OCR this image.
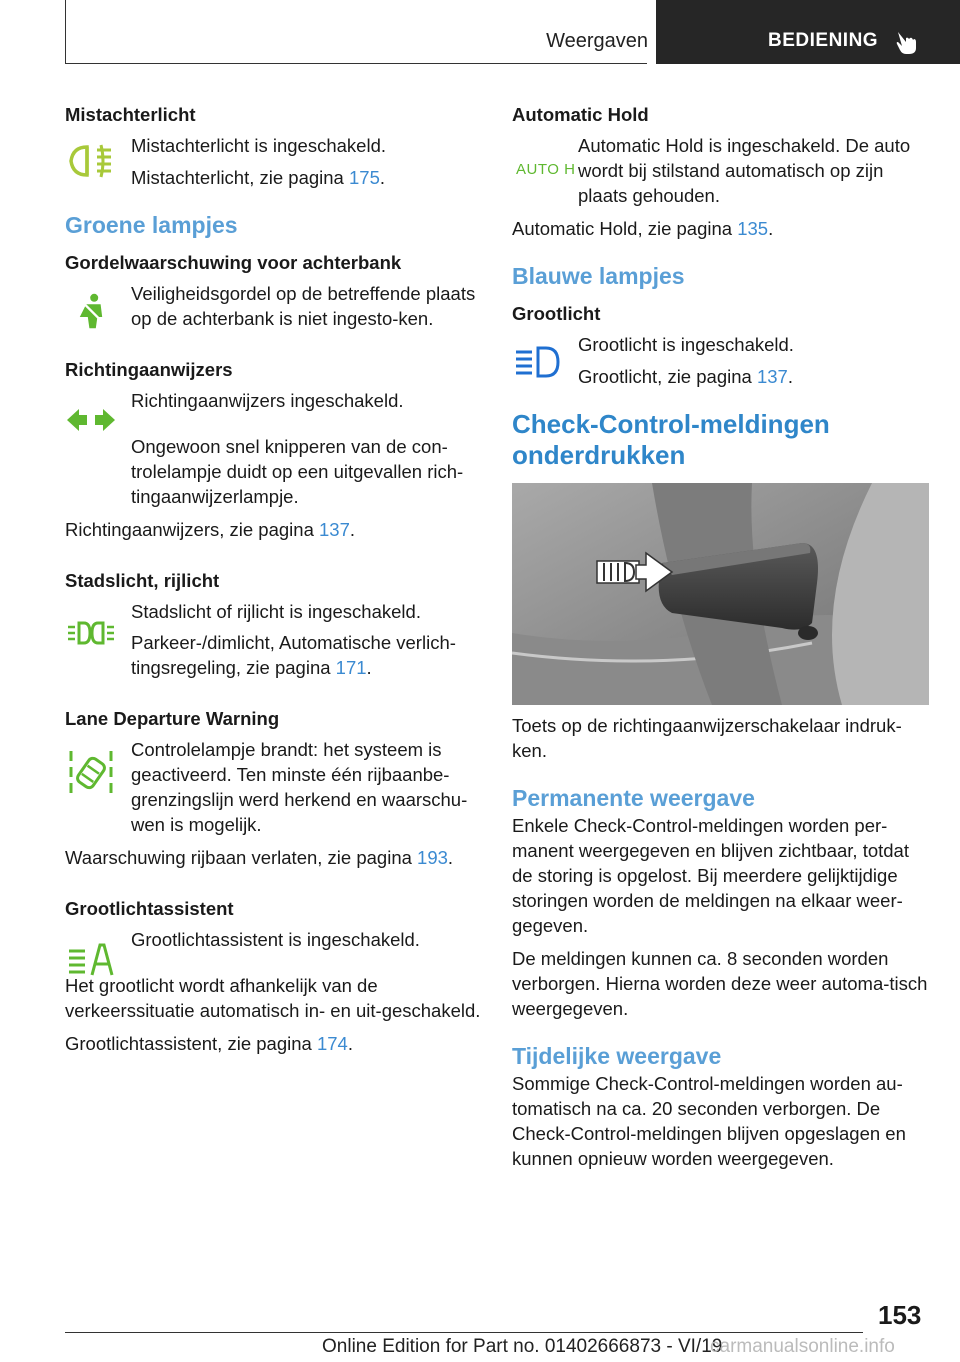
Weergaven	BEDIENING

Mistachterlicht

Mistachterlicht is ingeschakeld.

Mistachterlicht, zie pagina 175.

Groene lampjes

Gordelwaarschuwing voor achterbank

Veiligheidsgordel op de betreffende plaats op de achterbank is niet ingesto-ken.

Richtingaanwijzers

Richtingaanwijzers ingeschakeld.

Ongewoon snel knipperen van de con-trolelampje duidt op een uitgevallen rich-tingaanwijzerlampje.

Richtingaanwijzers, zie pagina 137.

Stadslicht, rijlicht

Stadslicht of rijlicht is ingeschakeld.

Parkeer-/dimlicht, Automatische verlich-tingsregeling, zie pagina 171.

Lane Departure Warning

Controlelampje brandt: het systeem is geactiveerd. Ten minste één rijbaanbe-grenzingslijn werd herkend en waarschu-wen is mogelijk.

Waarschuwing rijbaan verlaten, zie pagina 193.

Grootlichtassistent

Grootlichtassistent is ingeschakeld.

Het grootlicht wordt afhankelijk van de verkeerssituatie automatisch in- en uit-geschakeld.

Grootlichtassistent, zie pagina 174.

Automatic Hold

AUTO H

Automatic Hold is ingeschakeld. De auto wordt bij stilstand automatisch op zijn plaats gehouden.

Automatic Hold, zie pagina 135.

Blauwe lampjes

Grootlicht

Grootlicht is ingeschakeld.

Grootlicht, zie pagina 137.

Check-Control-meldingen onderdrukken

Toets op de richtingaanwijzerschakelaar indruk-ken.

Permanente weergave

Enkele Check-Control-meldingen worden per-manent weergegeven en blijven zichtbaar, totdat de storing is opgelost. Bij meerdere gelijktijdige storingen worden de meldingen na elkaar weer-gegeven.

De meldingen kunnen ca. 8 seconden worden verborgen. Hierna worden deze weer automa-tisch weergegeven.

Tijdelijke weergave

Sommige Check-Control-meldingen worden au-tomatisch na ca. 20 seconden verborgen. De Check-Control-meldingen blijven opgeslagen en kunnen opnieuw worden weergegeven.

153
Online Edition for Part no. 01402666873 - VI/19
carmanualsonline.info
